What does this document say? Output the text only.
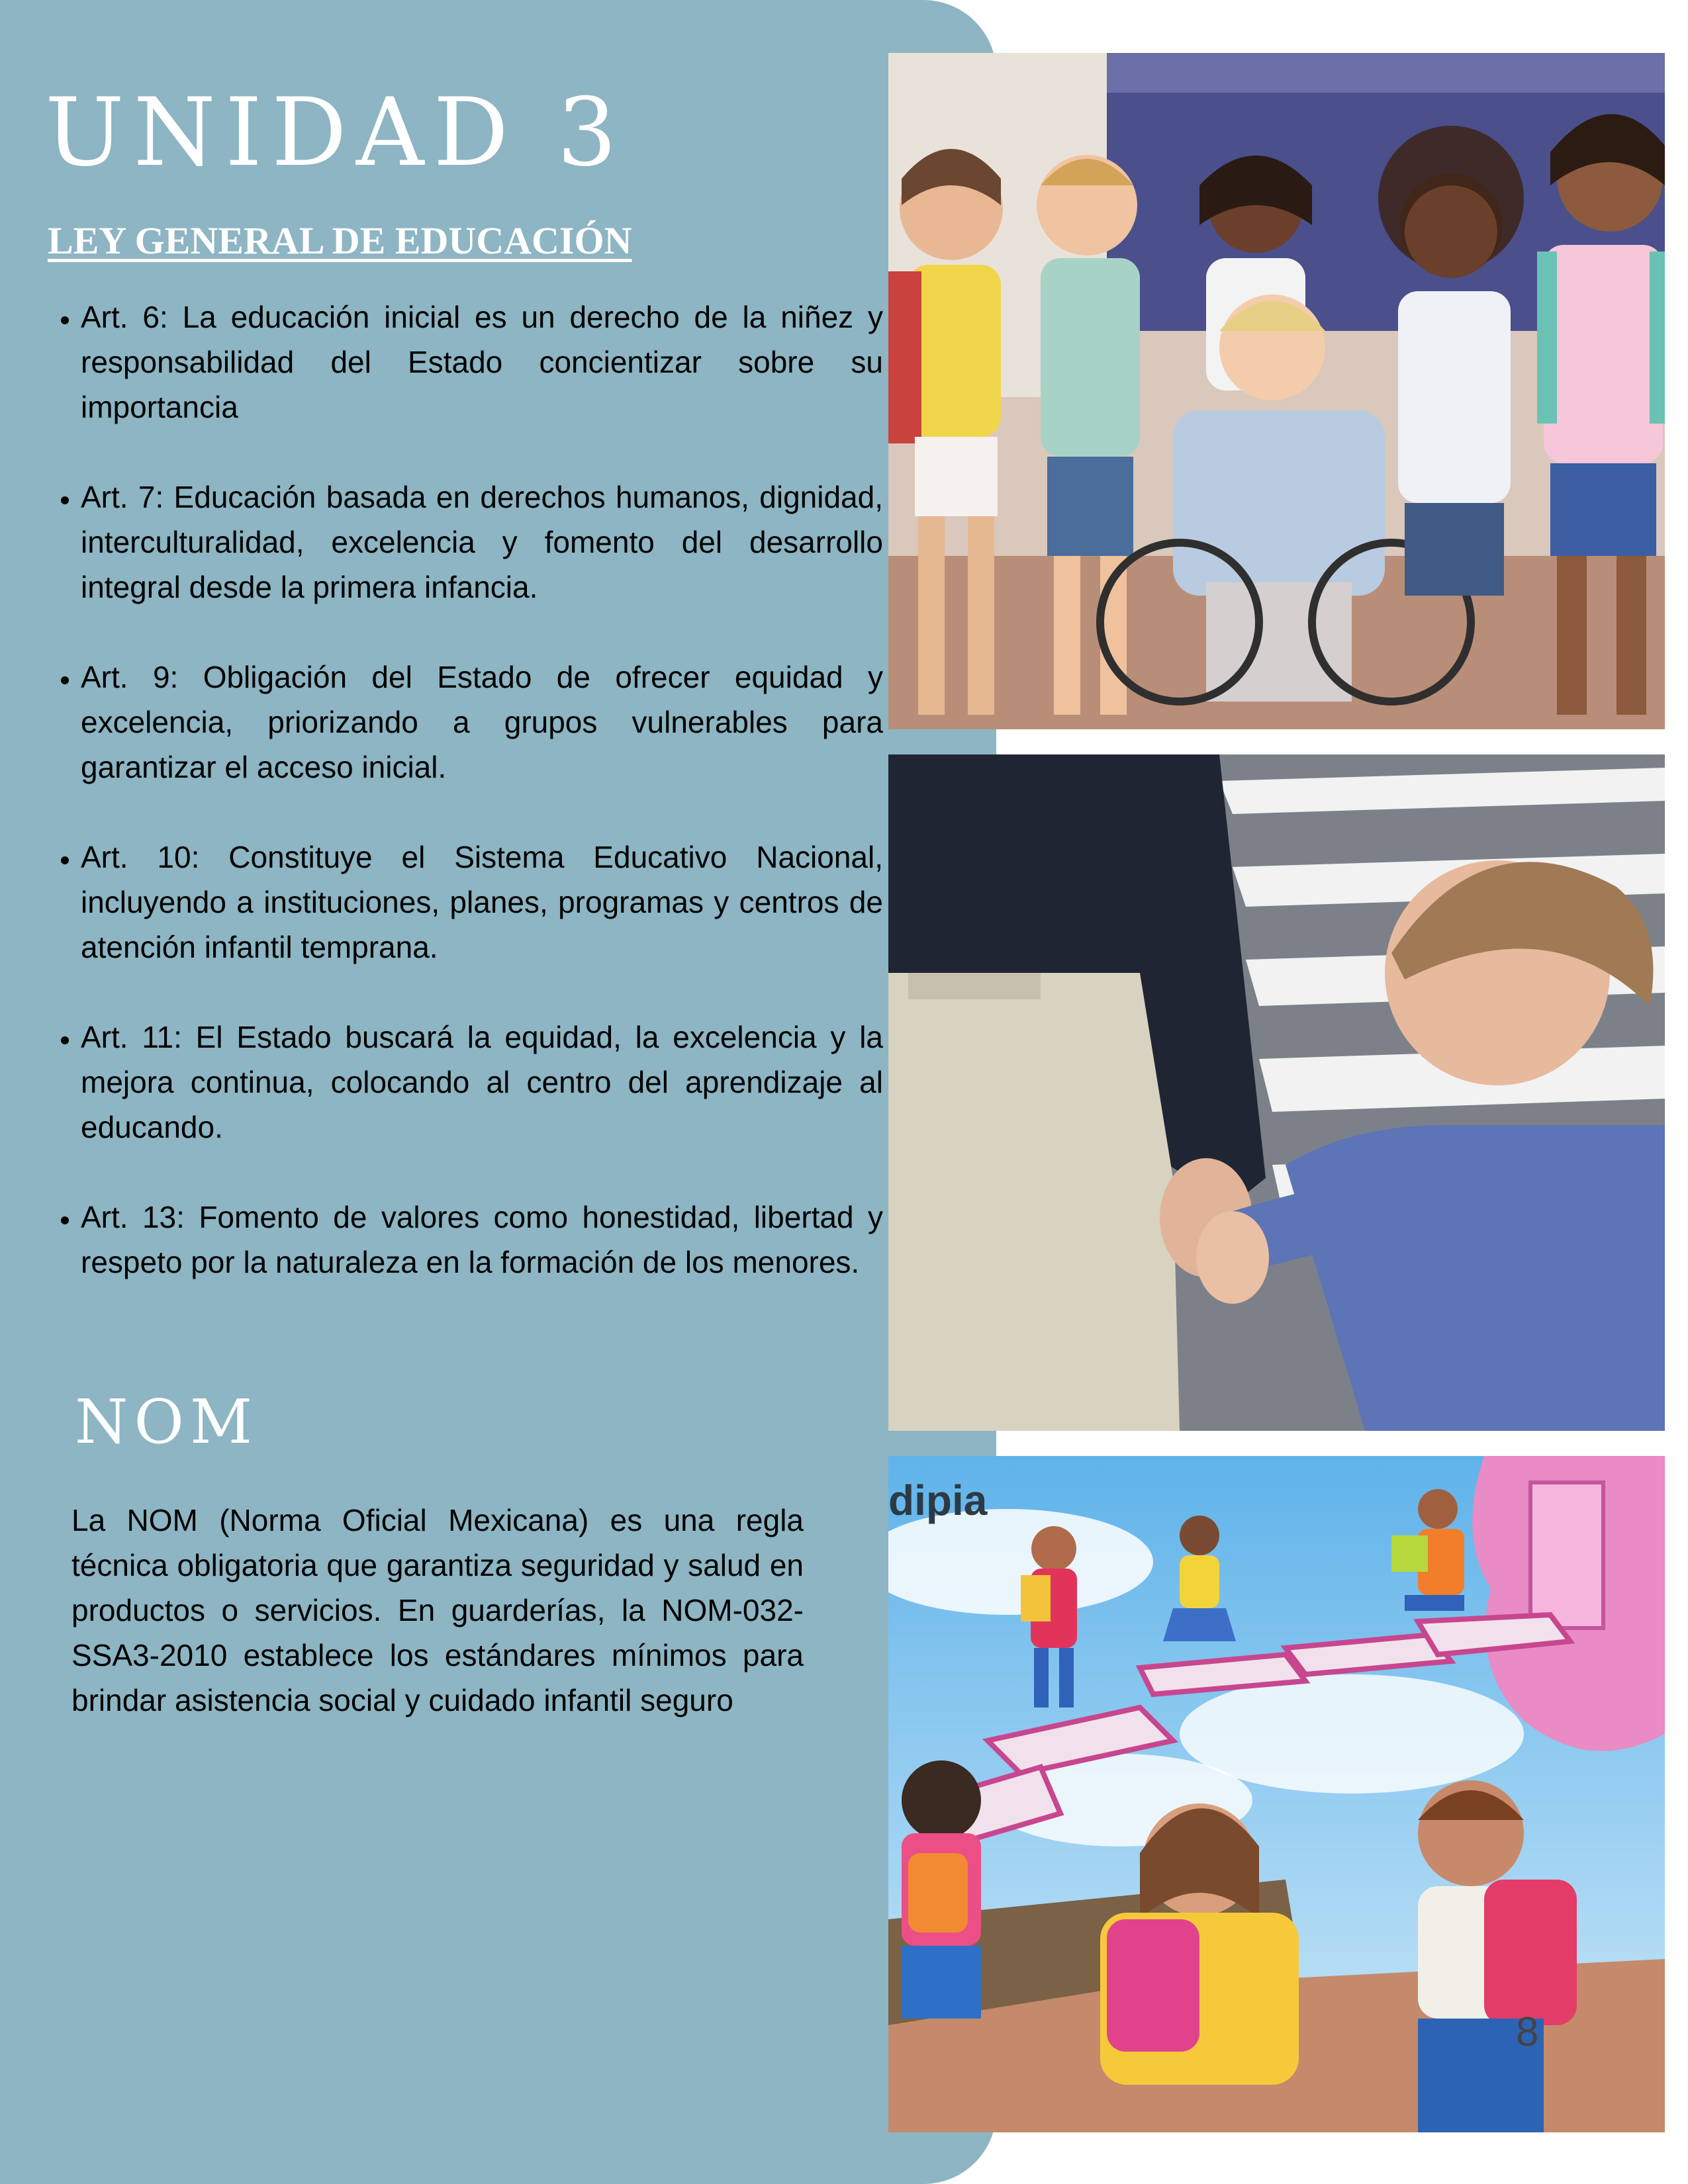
UNIDAD 3
LEY GENERAL DE EDUCACIÓN
• Art. 6: La educación inicial es un derecho de la niñez y responsabilidad del Estado concientizar sobre su importancia
• Art. 7: Educación basada en derechos humanos, dignidad, interculturalidad, excelencia y fomento del desarrollo integral desde la primera infancia.
• Art. 9: Obligación del Estado de ofrecer equidad y excelencia, priorizando a grupos vulnerables para garantizar el acceso inicial.
• Art. 10: Constituye el Sistema Educativo Nacional, incluyendo a instituciones, planes, programas y centros de atención infantil temprana.
• Art. 11: El Estado buscará la equidad, la excelencia y la mejora continua, colocando al centro del aprendizaje al educando.
• Art. 13: Fomento de valores como honestidad, libertad y respeto por la naturaleza en la formación de los menores.
NOM

La NOM (Norma Oficial Mexicana) es una regla técnica obligatoria que garantiza seguridad y salud en productos o servicios. En guarderías, la NOM-032-SSA3-2010 establece los estándares mínimos para brindar asistencia social y cuidado infantil seguro

dipia
8
